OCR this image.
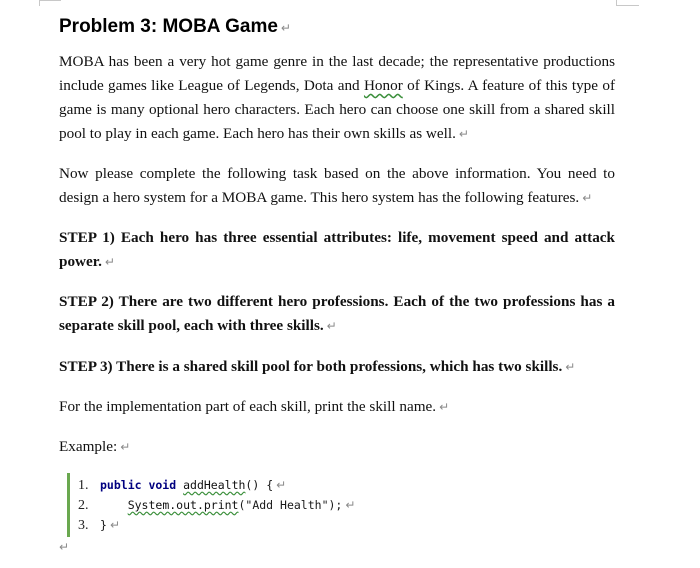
Problem 3: MOBA Game ↵
MOBA has been a very hot game genre in the last decade; the representative productions include games like League of Legends, Dota and Honor of Kings. A feature of this type of game is many optional hero characters. Each hero can choose one skill from a shared skill pool to play in each game. Each hero has their own skills as well. ↵
Now please complete the following task based on the above information. You need to design a hero system for a MOBA game. This hero system has the following features. ↵
STEP 1) Each hero has three essential attributes: life, movement speed and attack power. ↵
STEP 2) There are two different hero professions. Each of the two professions has a separate skill pool, each with three skills. ↵
STEP 3) There is a shared skill pool for both professions, which has two skills. ↵
For the implementation part of each skill, print the skill name. ↵
Example: ↵
1. public void addHealth() { ↵
2.	System.out.print("Add Health"); ↵
3. } ↵
↵
